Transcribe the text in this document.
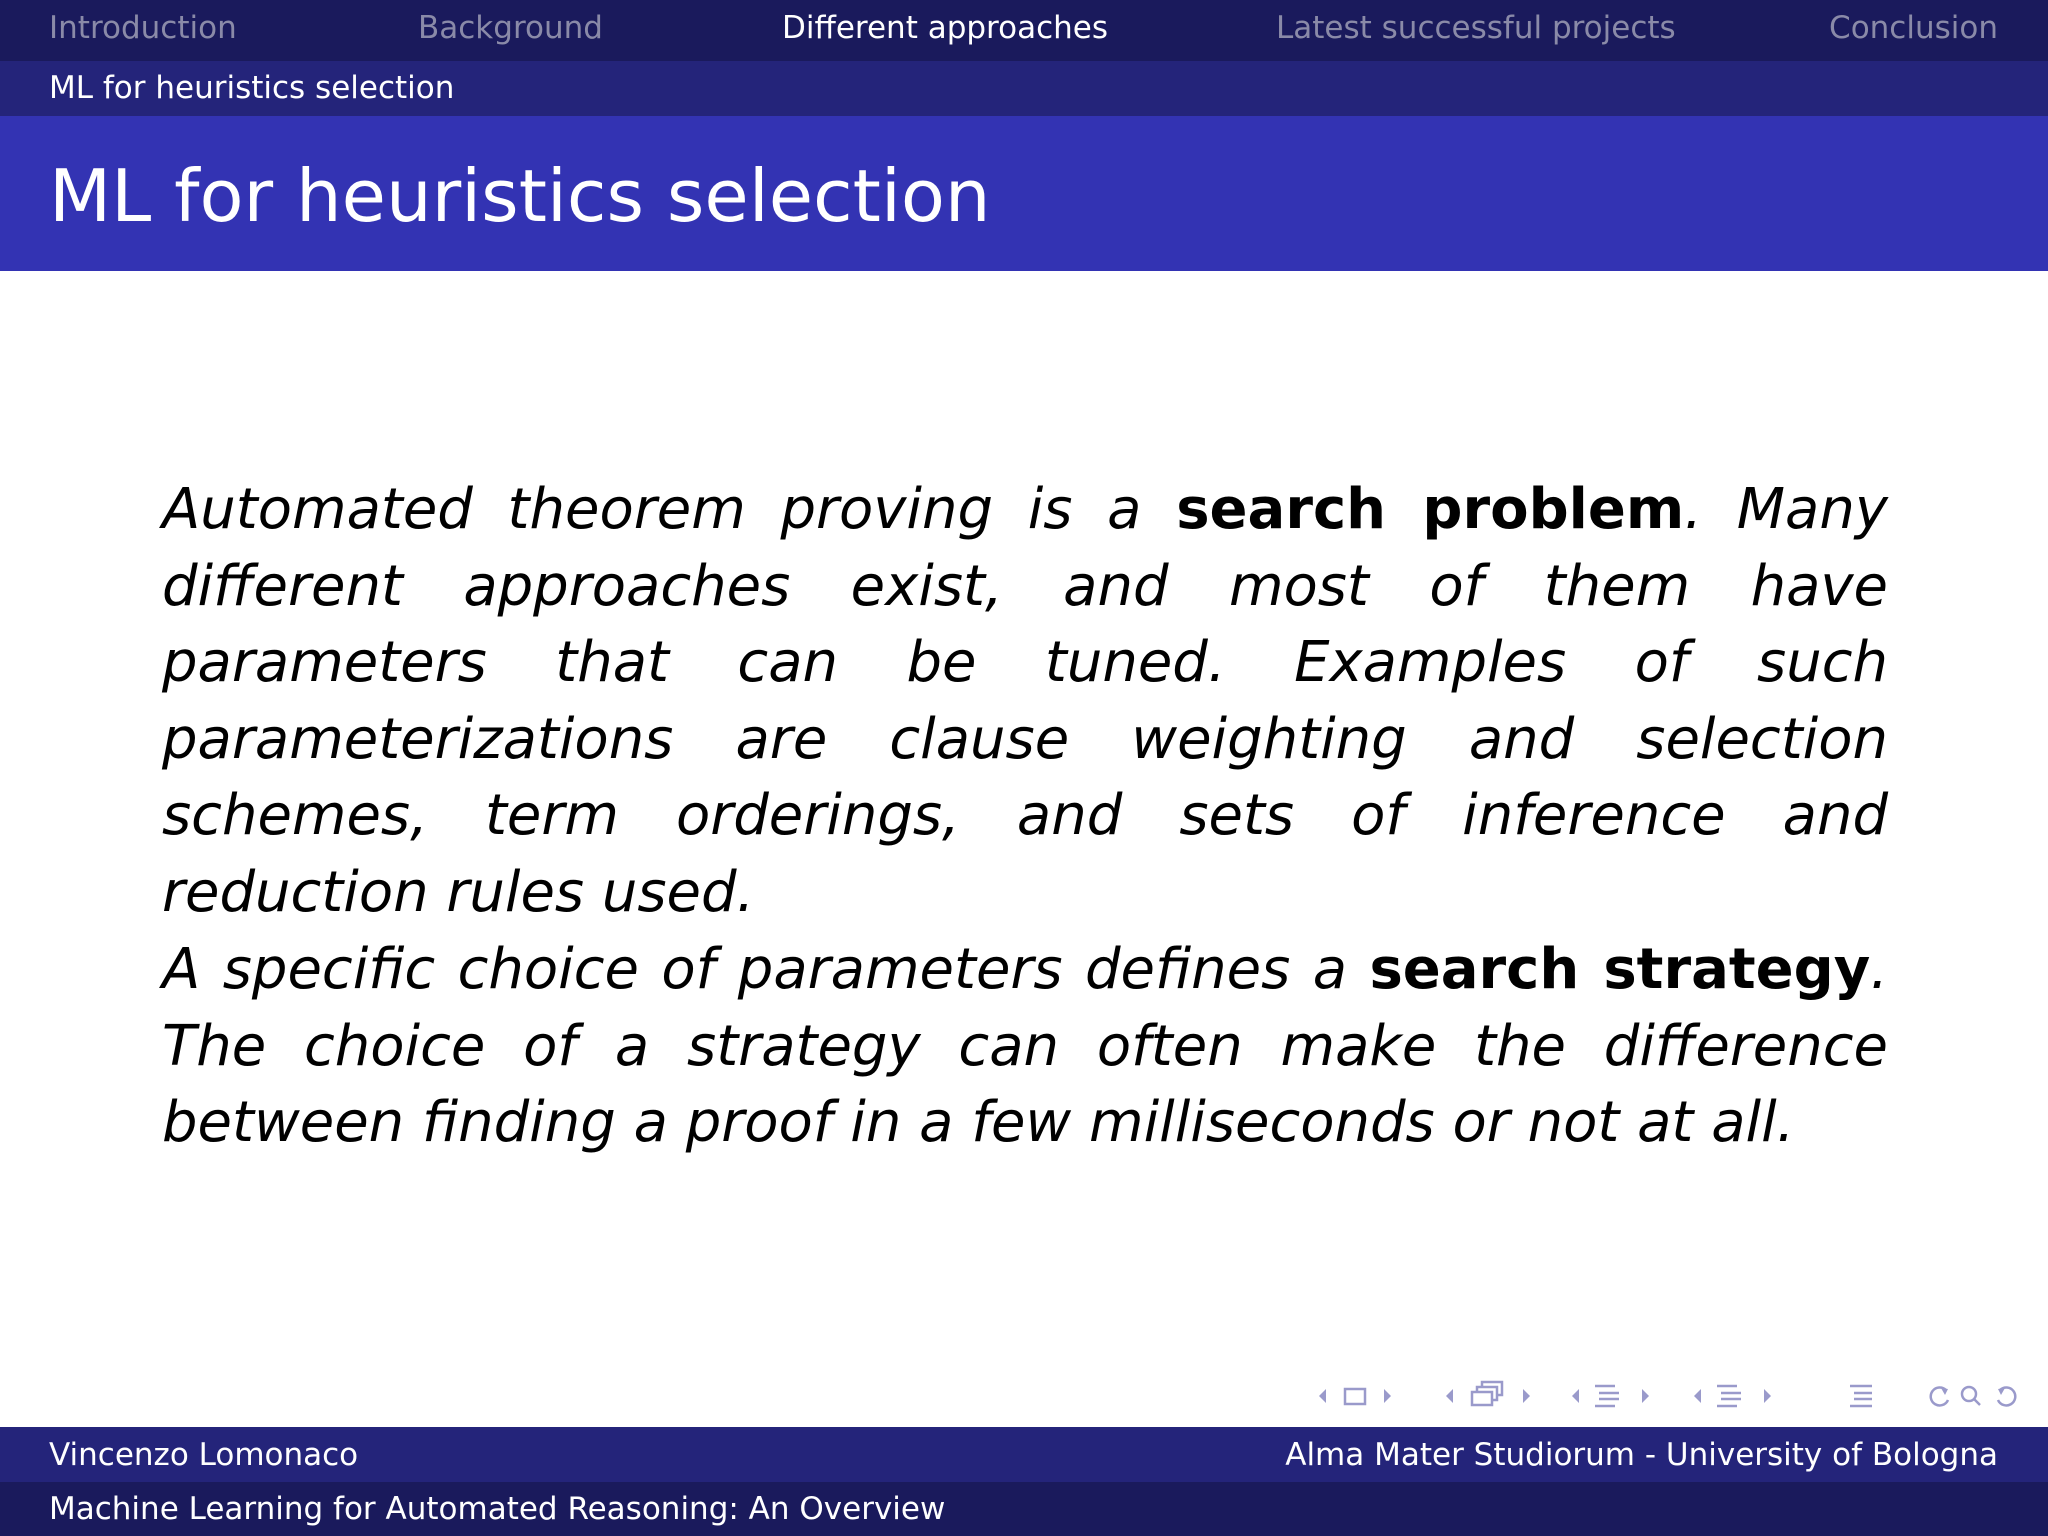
Introduction	Background	Different approaches	Latest successful projects	Conclusion
ML for heuristics selection
ML for heuristics selection

Automated theorem proving is a search problem. Many different approaches exist, and most of them have parameters that can be tuned. Examples of such parameterizations are clause weighting and selection schemes, term orderings, and sets of inference and reduction rules used.

A specific choice of parameters defines a search strategy. The choice of a strategy can often make the difference between finding a proof in a few milliseconds or not at all.

Vincenzo Lomonaco	Alma Mater Studiorum - University of Bologna
Machine Learning for Automated Reasoning: An Overview
